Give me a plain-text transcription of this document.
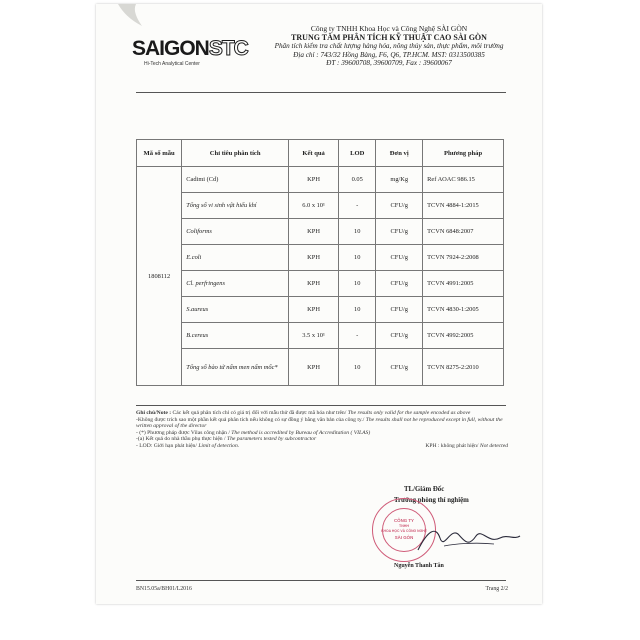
SAIGONSTC
Hi-Tech Analytical Center
Công ty TNHH Khoa Học và Công Nghệ SÀI GÒN
TRUNG TÂM PHÂN TÍCH KỸ THUẬT CAO SÀI GÒN
Phân tích kiểm tra chất lượng hàng hóa, nông thủy sản, thực phẩm, môi trường
Địa chỉ : 743/32 Hồng Bàng, F6, Q6, TP.HCM. MST: 0313500385
ĐT : 39600708, 39600709, Fax : 39600067
Mã số mẫu	Chỉ tiêu phân tích	Kết quả	LOD	Đơn vị	Phương pháp
1808112	Cadimi (Cd)	KPH	0.05	mg/Kg	Ref AOAC 986.15
	Tổng số vi sinh vật hiếu khí	6.0 x 10¹	-	CFU/g	TCVN 4884-1:2015
	Coliforms	KPH	10	CFU/g	TCVN 6848:2007
	E.coli	KPH	10	CFU/g	TCVN 7924-2:2008
	Cl. perfringens	KPH	10	CFU/g	TCVN 4991:2005
	S.aureus	KPH	10	CFU/g	TCVN 4830-1:2005
	B.cereus	3.5 x 10¹	-	CFU/g	TCVN 4992:2005
	Tổng số bào tử nấm men nấm mốc*	KPH	10	CFU/g	TCVN 8275-2:2010
Ghi chú/Note : Các kết quả phân tích chỉ có giá trị đối với mẫu thử đã được mã hóa như trên/ The results only valid for the sample encoded as above
-Không được trích sao một phần kết quả phân tích nếu không có sự đồng ý bằng văn bản của công ty./ The results shall not be reproduced except in full, without the written approval of the director
- (*) Phương pháp được Vilas công nhận / The method is accredited by Bureau of Accreditation ( VILAS)
-(a) Kết quả do nhà thầu phụ thực hiện / The parameters tested by subcontractor
- LOD: Giới hạn phát hiện/ Limit of detection.	KPH : không phát hiện/ Not detected
TL/Giám Đốc
Trưởng phòng thí nghiệm
CÔNG TY
TNHH
KHOA HỌC VÀ CÔNG NGHỆ
SÀI GÒN
Nguyễn Thanh Tân
BN15.05a/BH01/L2016	Trang 2/2
